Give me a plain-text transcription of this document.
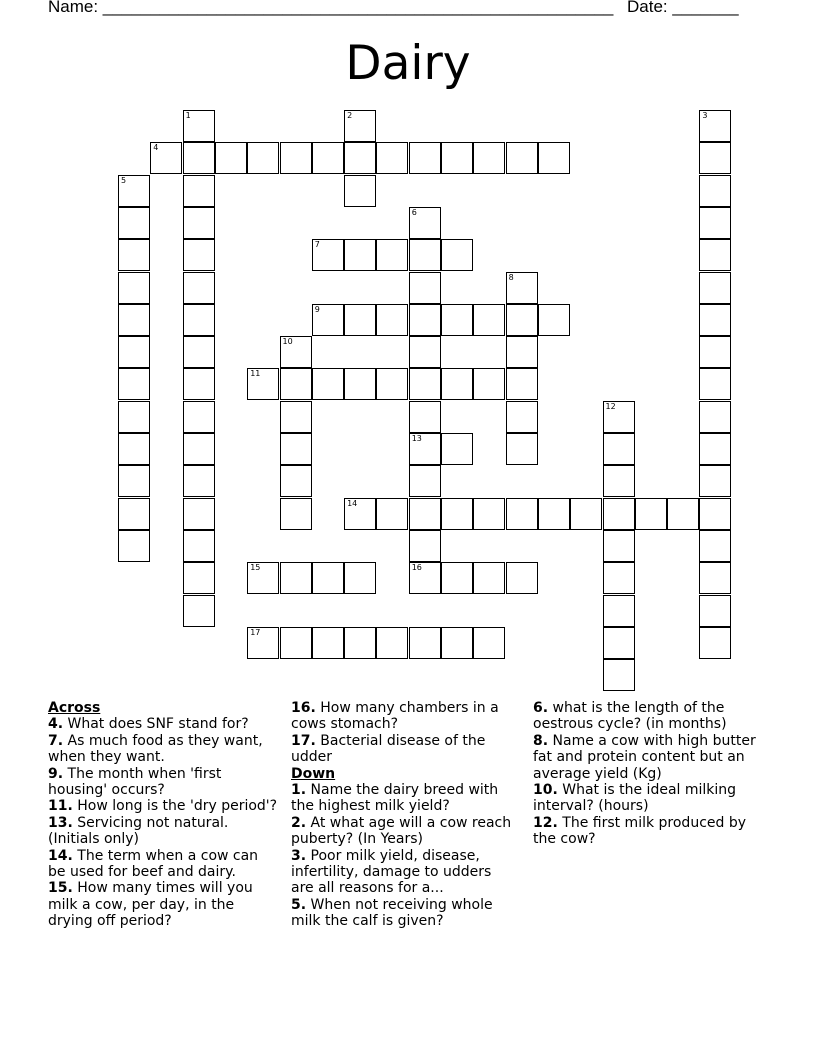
Name: ______________________________________________________ Date: _______
Dairy
1	2	3
4
5
6
13
16
7
8
9
10
11
12
14
15
17

Across

4. What does SNF stand for?

7. As much food as they want, when they want.

9. The month when 'first housing' occurs?

11. How long is the 'dry period'?

13. Servicing not natural. (Initials only)

14. The term when a cow can be used for beef and dairy.

15. How many times will you milk a cow, per day, in the drying off period?

16. How many chambers in a cows stomach?

17. Bacterial disease of the udder

Down

1. Name the dairy breed with the highest milk yield?

2. At what age will a cow reach puberty? (In Years)

3. Poor milk yield, disease, infertility, damage to udders are all reasons for a...

5. When not receiving whole milk the calf is given?

6. what is the length of the oestrous cycle? (in months)

8. Name a cow with high butter fat and protein content but an average yield (Kg)

10. What is the ideal milking interval? (hours)

12. The first milk produced by the cow?
